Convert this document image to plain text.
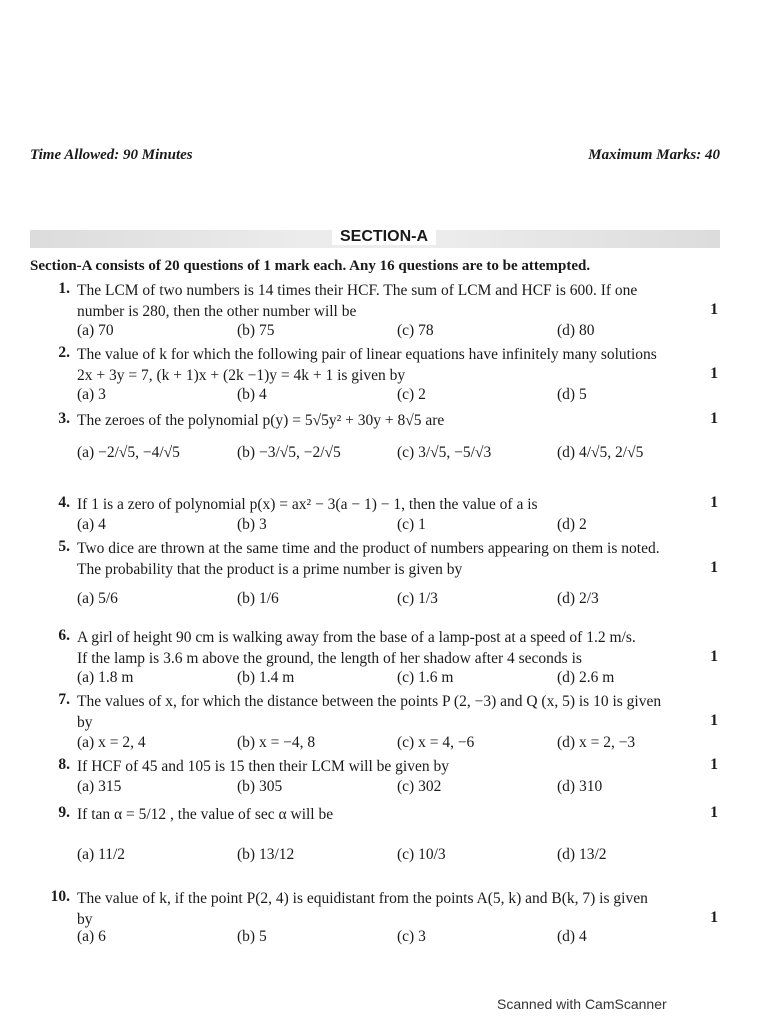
Time Allowed: 90 Minutes	Maximum Marks: 40
SECTION-A
Section-A consists of 20 questions of 1 mark each. Any 16 questions are to be attempted.
1. The LCM of two numbers is 14 times their HCF. The sum of LCM and HCF is 600. If one
number is 280, then the other number will be	1
(a) 70	(b) 75	(c) 78	(d) 80
2. The value of k for which the following pair of linear equations have infinitely many solutions
2x + 3y = 7, (k + 1)x + (2k −1)y = 4k + 1 is given by	1
(a) 3	(b) 4	(c) 2	(d) 5
3. The zeroes of the polynomial p(y) = 5√5y² + 30y + 8√5 are	1
(a) −2/√5, −4/√5	(b) −3/√5, −2/√5	(c) 3/√5, −5/√3	(d) 4/√5, 2/√5
4. If 1 is a zero of polynomial p(x) = ax² − 3(a − 1) − 1, then the value of a is	1
(a) 4	(b) 3	(c) 1	(d) 2
5. Two dice are thrown at the same time and the product of numbers appearing on them is noted.
The probability that the product is a prime number is given by	1
(a) 5/6	(b) 1/6	(c) 1/3	(d) 2/3
6. A girl of height 90 cm is walking away from the base of a lamp-post at a speed of 1.2 m/s.
If the lamp is 3.6 m above the ground, the length of her shadow after 4 seconds is	1
(a) 1.8 m	(b) 1.4 m	(c) 1.6 m	(d) 2.6 m
7. The values of x, for which the distance between the points P (2, −3) and Q (x, 5) is 10 is given
by	1
(a) x = 2, 4	(b) x = −4, 8	(c) x = 4, −6	(d) x = 2, −3
8. If HCF of 45 and 105 is 15 then their LCM will be given by	1
(a) 315	(b) 305	(c) 302	(d) 310
9. If tan α = 5/12 , the value of sec α will be	1
(a) 11/2	(b) 13/12	(c) 10/3	(d) 13/2
10. The value of k, if the point P(2, 4) is equidistant from the points A(5, k) and B(k, 7) is given
by	1
(a) 6	(b) 5	(c) 3	(d) 4
Scanned with CamScanner
